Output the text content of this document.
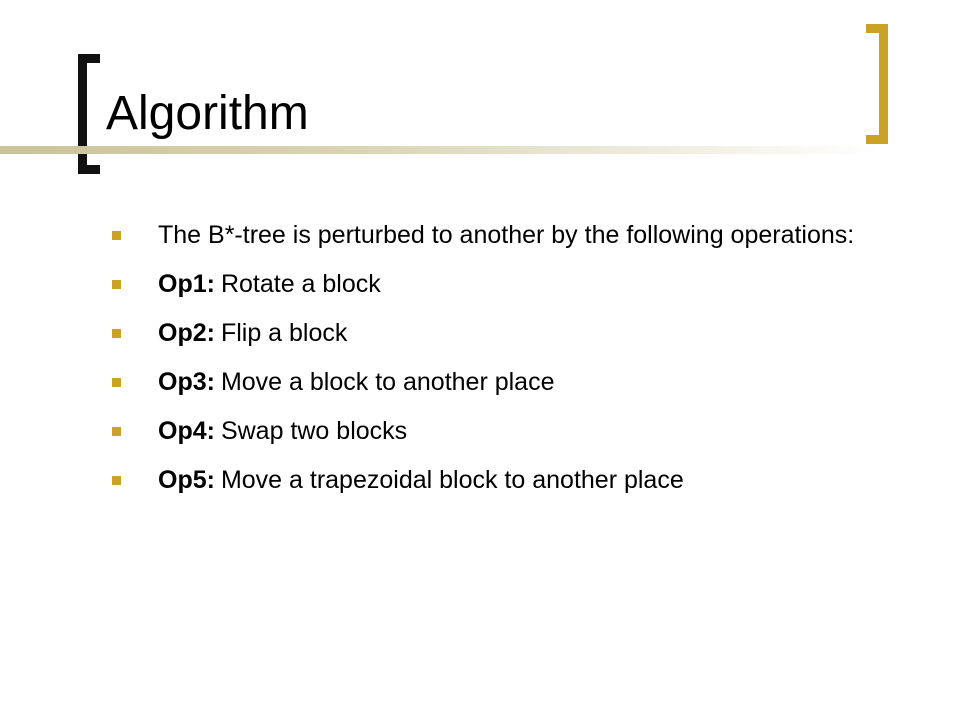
Algorithm
The B*-tree is perturbed to another by the following operations:
Op1: Rotate a block
Op2: Flip a block
Op3: Move a block to another place
Op4: Swap two blocks
Op5: Move a trapezoidal block to another place
